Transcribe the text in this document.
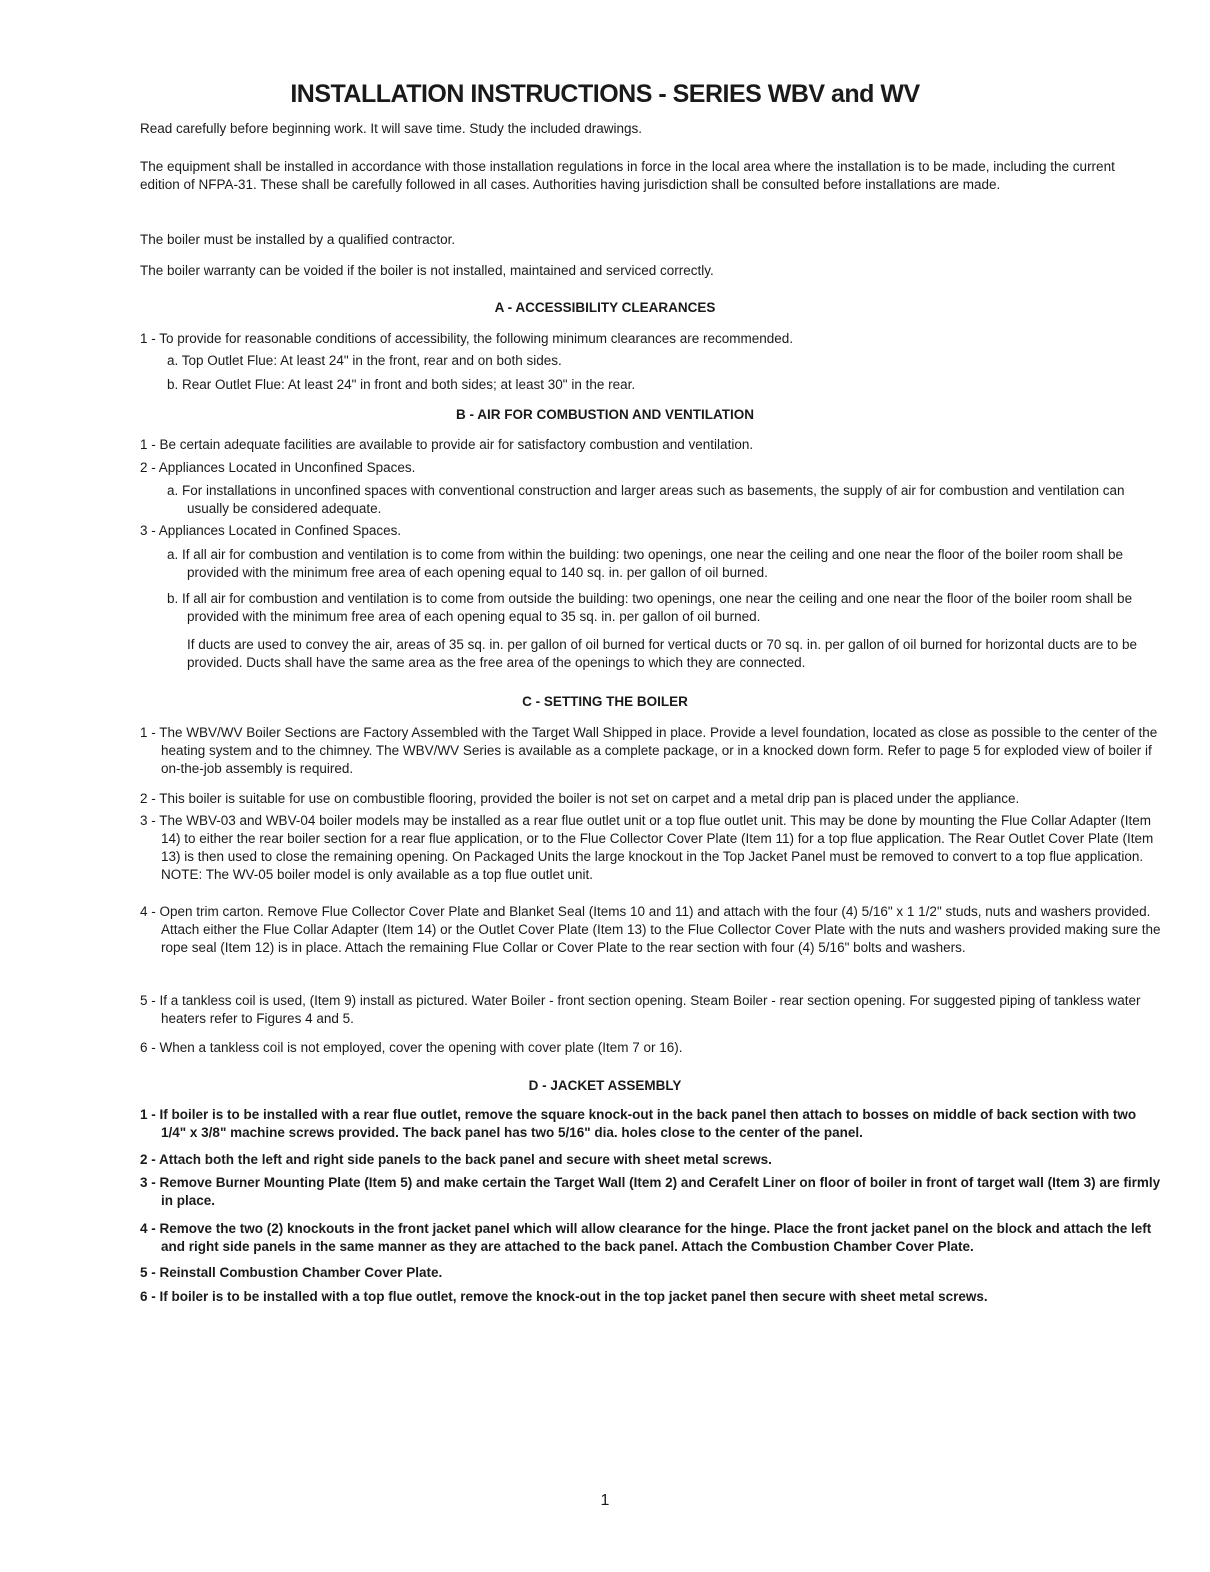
INSTALLATION INSTRUCTIONS - SERIES WBV and WV

Read carefully before beginning work. It will save time. Study the included drawings.

The equipment shall be installed in accordance with those installation regulations in force in the local area where the installation is to be made, including the current edition of NFPA-31. These shall be carefully followed in all cases. Authorities having jurisdiction shall be consulted before installations are made.

The boiler must be installed by a qualified contractor.

The boiler warranty can be voided if the boiler is not installed, maintained and serviced correctly.

A - ACCESSIBILITY CLEARANCES

1 - To provide for reasonable conditions of accessibility, the following minimum clearances are recommended.

a. Top Outlet Flue: At least 24" in the front, rear and on both sides.

b. Rear Outlet Flue: At least 24" in front and both sides; at least 30" in the rear.

B - AIR FOR COMBUSTION AND VENTILATION

1 - Be certain adequate facilities are available to provide air for satisfactory combustion and ventilation.

2 - Appliances Located in Unconfined Spaces.

a. For installations in unconfined spaces with conventional construction and larger areas such as basements, the supply of air for combustion and ventilation can usually be considered adequate.

3 - Appliances Located in Confined Spaces.

a. If all air for combustion and ventilation is to come from within the building: two openings, one near the ceiling and one near the floor of the boiler room shall be provided with the minimum free area of each opening equal to 140 sq. in. per gallon of oil burned.

b. If all air for combustion and ventilation is to come from outside the building: two openings, one near the ceiling and one near the floor of the boiler room shall be provided with the minimum free area of each opening equal to 35 sq. in. per gallon of oil burned.

If ducts are used to convey the air, areas of 35 sq. in. per gallon of oil burned for vertical ducts or 70 sq. in. per gallon of oil burned for horizontal ducts are to be provided. Ducts shall have the same area as the free area of the openings to which they are connected.

C - SETTING THE BOILER

1 - The WBV/WV Boiler Sections are Factory Assembled with the Target Wall Shipped in place. Provide a level foundation, located as close as possible to the center of the heating system and to the chimney. The WBV/WV Series is available as a complete package, or in a knocked down form. Refer to page 5 for exploded view of boiler if on-the-job assembly is required.

2 - This boiler is suitable for use on combustible flooring, provided the boiler is not set on carpet and a metal drip pan is placed under the appliance.

3 - The WBV-03 and WBV-04 boiler models may be installed as a rear flue outlet unit or a top flue outlet unit. This may be done by mounting the Flue Collar Adapter (Item 14) to either the rear boiler section for a rear flue application, or to the Flue Collector Cover Plate (Item 11) for a top flue application. The Rear Outlet Cover Plate (Item 13) is then used to close the remaining opening. On Packaged Units the large knockout in the Top Jacket Panel must be removed to convert to a top flue application. NOTE: The WV-05 boiler model is only available as a top flue outlet unit.

4 - Open trim carton. Remove Flue Collector Cover Plate and Blanket Seal (Items 10 and 11) and attach with the four (4) 5/16" x 1 1/2" studs, nuts and washers provided. Attach either the Flue Collar Adapter (Item 14) or the Outlet Cover Plate (Item 13) to the Flue Collector Cover Plate with the nuts and washers provided making sure the rope seal (Item 12) is in place. Attach the remaining Flue Collar or Cover Plate to the rear section with four (4) 5/16" bolts and washers.

5 - If a tankless coil is used, (Item 9) install as pictured. Water Boiler - front section opening. Steam Boiler - rear section opening. For suggested piping of tankless water heaters refer to Figures 4 and 5.

6 - When a tankless coil is not employed, cover the opening with cover plate (Item 7 or 16).

D - JACKET ASSEMBLY

1 - If boiler is to be installed with a rear flue outlet, remove the square knock-out in the back panel then attach to bosses on middle of back section with two 1/4" x 3/8" machine screws provided. The back panel has two 5/16" dia. holes close to the center of the panel.

2 - Attach both the left and right side panels to the back panel and secure with sheet metal screws.

3 - Remove Burner Mounting Plate (Item 5) and make certain the Target Wall (Item 2) and Cerafelt Liner on floor of boiler in front of target wall (Item 3) are firmly in place.

4 - Remove the two (2) knockouts in the front jacket panel which will allow clearance for the hinge. Place the front jacket panel on the block and attach the left and right side panels in the same manner as they are attached to the back panel. Attach the Combustion Chamber Cover Plate.

5 - Reinstall Combustion Chamber Cover Plate.

6 - If boiler is to be installed with a top flue outlet, remove the knock-out in the top jacket panel then secure with sheet metal screws.

1
